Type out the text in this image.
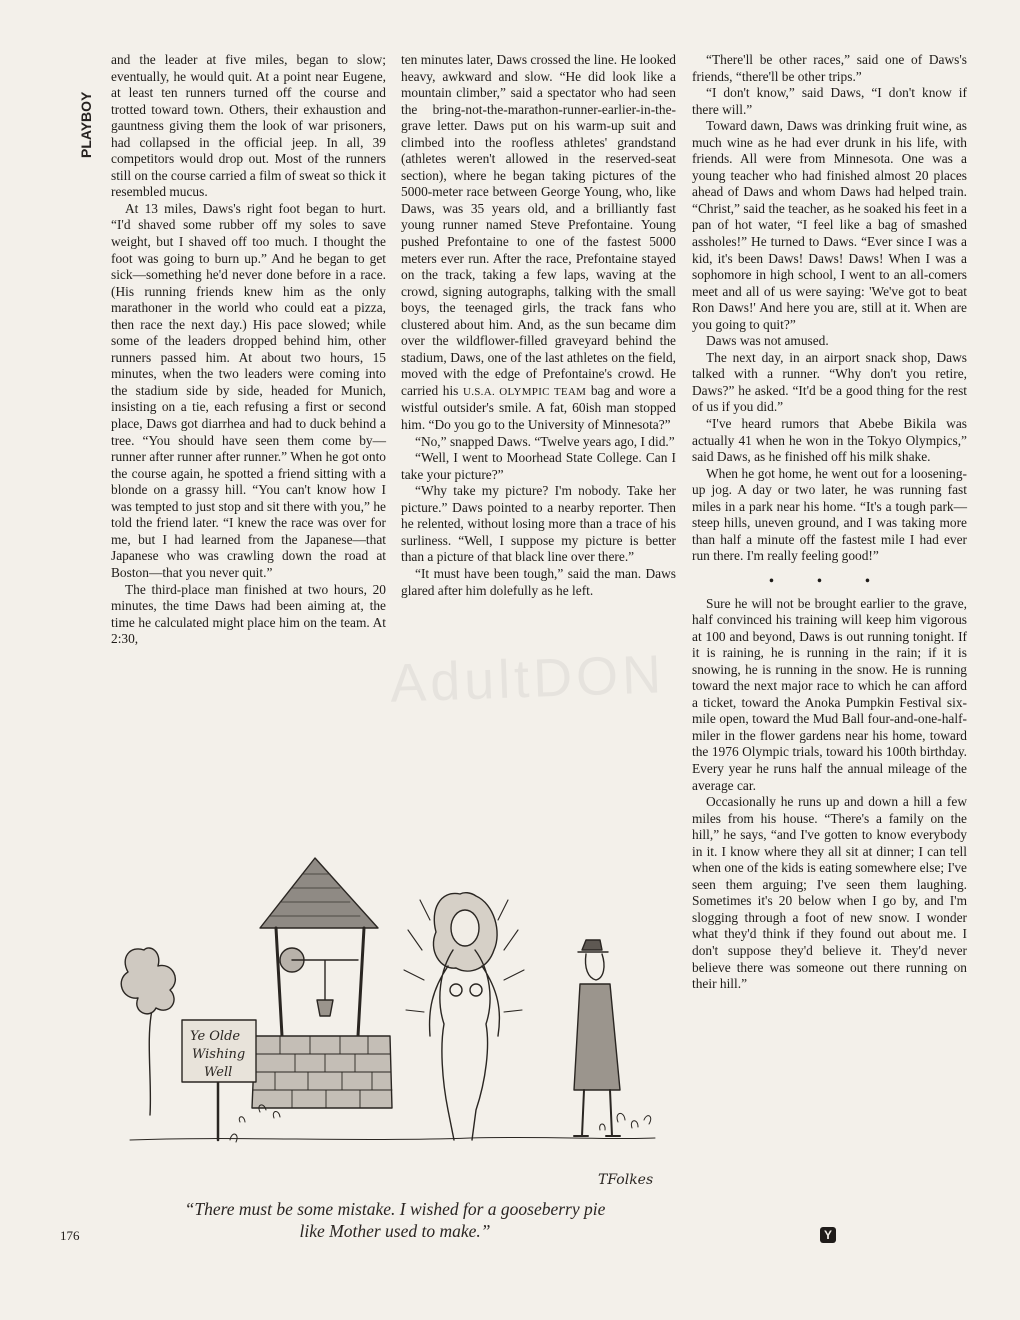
PLAYBOY
AdultDON

and the leader at five miles, began to slow; eventually, he would quit. At a point near Eugene, at least ten runners turned off the course and trotted toward town. Others, their exhaustion and gauntness giving them the look of war prisoners, had collapsed in the official jeep. In all, 39 competitors would drop out. Most of the runners still on the course carried a film of sweat so thick it resembled mucus.

At 13 miles, Daws's right foot began to hurt. “I'd shaved some rubber off my soles to save weight, but I shaved off too much. I thought the foot was going to burn up.” And he began to get sick—something he'd never done before in a race. (His running friends knew him as the only marathoner in the world who could eat a pizza, then race the next day.) His pace slowed; while some of the leaders dropped behind him, other runners passed him. At about two hours, 15 minutes, when the two leaders were coming into the stadium side by side, headed for Munich, insisting on a tie, each refusing a first or second place, Daws got diarrhea and had to duck behind a tree. “You should have seen them come by—runner after runner after runner.” When he got onto the course again, he spotted a friend sitting with a blonde on a grassy hill. “You can't know how I was tempted to just stop and sit there with you,” he told the friend later. “I knew the race was over for me, but I had learned from the Japanese—that Japanese who was crawling down the road at Boston—that you never quit.”

The third-place man finished at two hours, 20 minutes, the time Daws had been aiming at, the time he calculated might place him on the team. At 2:30,

ten minutes later, Daws crossed the line. He looked heavy, awkward and slow. “He did look like a mountain climber,” said a spectator who had seen the bring-not-the-marathon-runner-earlier-in-the-grave letter. Daws put on his warm-up suit and climbed into the roofless athletes' grandstand (athletes weren't allowed in the reserved-seat section), where he began taking pictures of the 5000-meter race between George Young, who, like Daws, was 35 years old, and a brilliantly fast young runner named Steve Prefontaine. Young pushed Prefontaine to one of the fastest 5000 meters ever run. After the race, Prefontaine stayed on the track, taking a few laps, waving at the crowd, signing autographs, talking with the small boys, the teenaged girls, the track fans who clustered about him. And, as the sun became dim over the wildflower-filled graveyard behind the stadium, Daws, one of the last athletes on the field, moved with the edge of Prefontaine's crowd. He carried his U.S.A. OLYMPIC TEAM bag and wore a wistful outsider's smile. A fat, 60ish man stopped him. “Do you go to the University of Minnesota?”

“No,” snapped Daws. “Twelve years ago, I did.”

“Well, I went to Moorhead State College. Can I take your picture?”

“Why take my picture? I'm nobody. Take her picture.” Daws pointed to a nearby reporter. Then he relented, without losing more than a trace of his surliness. “Well, I suppose my picture is better than a picture of that black line over there.”

“It must have been tough,” said the man. Daws glared after him dolefully as he left.

“There'll be other races,” said one of Daws's friends, “there'll be other trips.”

“I don't know,” said Daws, “I don't know if there will.”

Toward dawn, Daws was drinking fruit wine, as much wine as he had ever drunk in his life, with friends. All were from Minnesota. One was a young teacher who had finished almost 20 places ahead of Daws and whom Daws had helped train. “Christ,” said the teacher, as he soaked his feet in a pan of hot water, “I feel like a bag of smashed assholes!” He turned to Daws. “Ever since I was a kid, it's been Daws! Daws! Daws! When I was a sophomore in high school, I went to an all-comers meet and all of us were saying: 'We've got to beat Ron Daws!' And here you are, still at it. When are you going to quit?”

Daws was not amused.

The next day, in an airport snack shop, Daws talked with a runner. “Why don't you retire, Daws?” he asked. “It'd be a good thing for the rest of us if you did.”

“I've heard rumors that Abebe Bikila was actually 41 when he won in the Tokyo Olympics,” said Daws, as he finished off his milk shake.

When he got home, he went out for a loosening-up jog. A day or two later, he was running fast miles in a park near his home. “It's a tough park—steep hills, uneven ground, and I was taking more than half a minute off the fastest mile I had ever run there. I'm really feeling good!”

• • •

Sure he will not be brought earlier to the grave, half convinced his training will keep him vigorous at 100 and beyond, Daws is out running tonight. If it is raining, he is running in the rain; if it is snowing, he is running in the snow. He is running toward the next major race to which he can afford a ticket, toward the Anoka Pumpkin Festival six-mile open, toward the Mud Ball four-and-one-half-miler in the flower gardens near his home, toward the 1976 Olympic trials, toward his 100th birthday. Every year he runs half the annual mileage of the average car.

Occasionally he runs up and down a hill a few miles from his house. “There's a family on the hill,” he says, “and I've gotten to know everybody in it. I know where they all sit at dinner; I can tell when one of the kids is eating somewhere else; I've seen them arguing; I've seen them laughing. Sometimes it's 20 below when I go by, and I'm slogging through a foot of new snow. I wonder what they'd think if they found out about me. I don't suppose they'd believe it. They'd never believe there was someone out there running on their hill.”

Ye Olde
Wishing
Well
TFolkes
“There must be some mistake. I wished for a gooseberry pie like Mother used to make.”
176	Y
